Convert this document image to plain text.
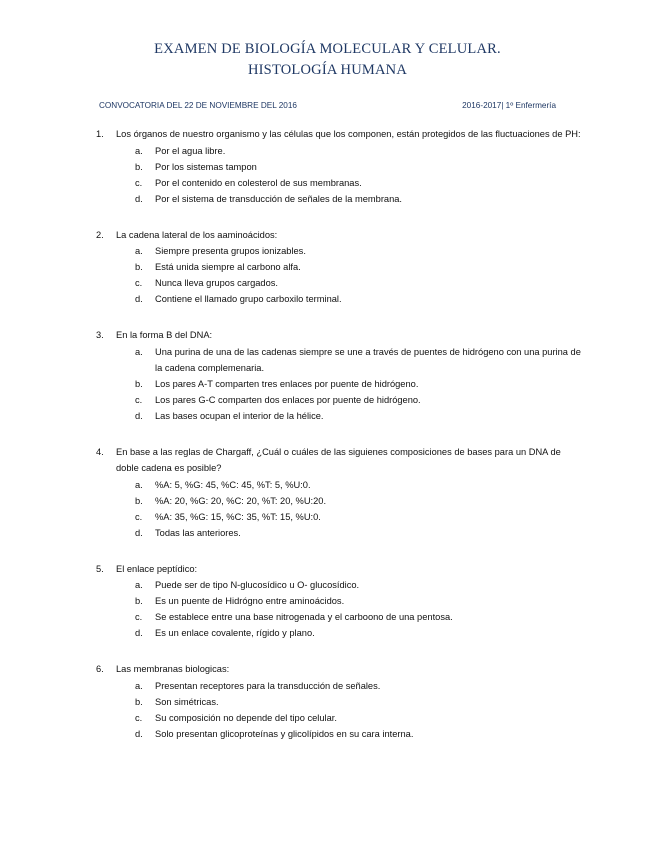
EXAMEN DE BIOLOGÍA MOLECULAR Y CELULAR.
HISTOLOGÍA HUMANA
CONVOCATORIA DEL 22 DE NOVIEMBRE DEL 2016	2016-2017| 1º Enfermería
1.	Los órganos de nuestro organismo y las células que los componen, están protegidos de las fluctuaciones de PH:
a.	Por el agua libre.
b.	Por los sistemas tampon
c.	Por el contenido en colesterol de sus membranas.
d.	Por el sistema de transducción de señales de la membrana.
2.	La cadena lateral de los aaminoácidos:
a.	Siempre presenta grupos ionizables.
b.	Está unida siempre al carbono alfa.
c.	Nunca lleva grupos cargados.
d.	Contiene el llamado grupo carboxilo terminal.
3.	En la forma B del DNA:
a.	Una purina de una de las cadenas siempre se une a través de puentes de hidrógeno con una purina de la cadena complemenaria.
b.	Los pares A-T comparten tres enlaces por puente de hidrógeno.
c.	Los pares G-C comparten dos enlaces por puente de hidrógeno.
d.	Las bases ocupan el interior de la hélice.
4.	En base a las reglas de Chargaff, ¿Cuál o cuáles de las siguienes composiciones de bases para un DNA de doble cadena es posible?
a.	%A: 5, %G: 45, %C: 45, %T: 5, %U:0.
b.	%A: 20, %G: 20, %C: 20, %T: 20, %U:20.
c.	%A: 35, %G: 15, %C: 35, %T: 15, %U:0.
d.	Todas las anteriores.
5.	El enlace peptídico:
a.	Puede ser de tipo N-glucosídico u O- glucosídico.
b.	Es un puente de Hidrógno entre aminoácidos.
c.	Se establece entre una base nitrogenada y el carboono de una pentosa.
d.	Es un enlace covalente, rígido y plano.
6.	Las membranas biologicas:
a.	Presentan receptores para la transducción de señales.
b.	Son simétricas.
c.	Su composición no depende del tipo celular.
d.	Solo presentan glicoproteínas y glicolípidos en su cara interna.
